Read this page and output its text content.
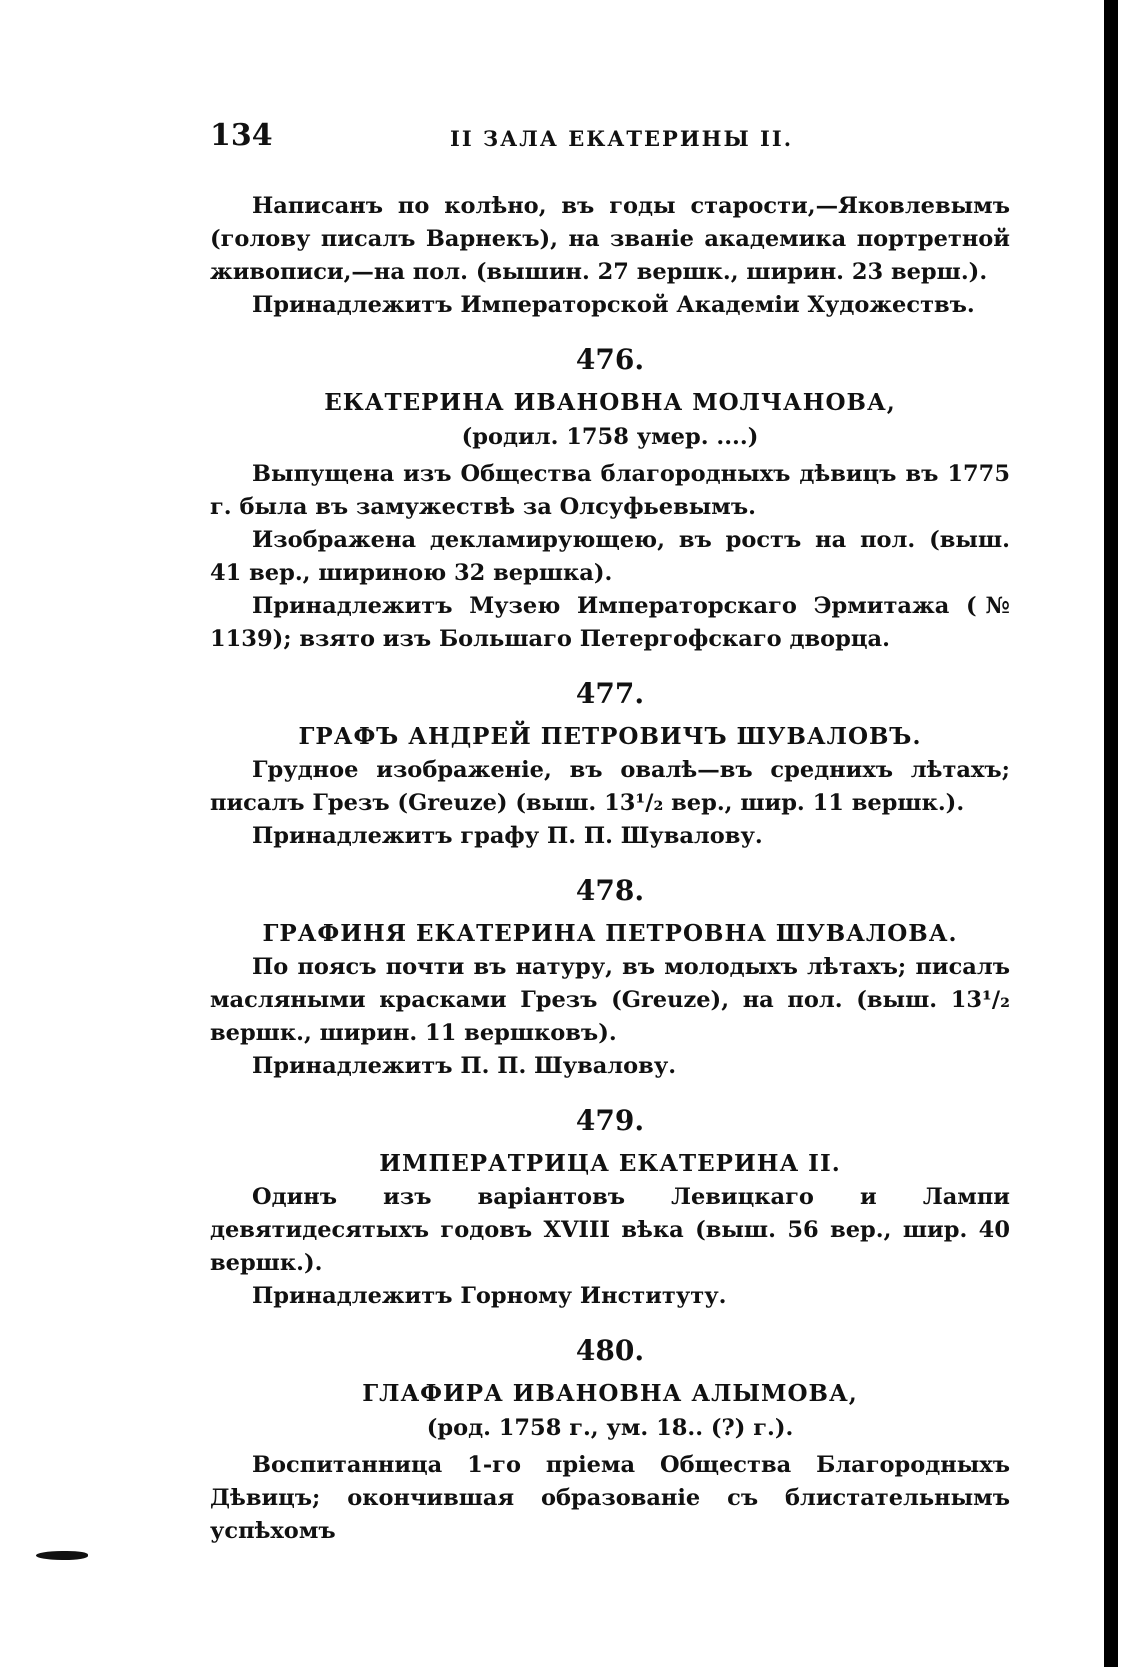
134	II ЗАЛА ЕКАТЕРИНЫ II.

Написанъ по колѣно, въ годы старости,—Яковлевымъ (голову писалъ Варнекъ), на званіе академика портретной живописи,—на пол. (вышин. 27 вершк., ширин. 23 верш.).

Принадлежитъ Императорской Академіи Художествъ.

476.
ЕКАТЕРИНА ИВАНОВНА МОЛЧАНОВА,
(родил. 1758 умер. ....)

Выпущена изъ Общества благородныхъ дѣвицъ въ 1775 г. была въ замужествѣ за Олсуфьевымъ.

Изображена декламирующею, въ ростъ на пол. (выш. 41 вер., шириною 32 вершка).

Принадлежитъ Музею Императорскаго Эрмитажа (№ 1139); взято изъ Большаго Петергофскаго дворца.

477.
ГРАФЪ АНДРЕЙ ПЕТРОВИЧЪ ШУВАЛОВЪ.

Грудное изображеніе, въ овалѣ—въ среднихъ лѣтахъ; писалъ Грезъ (Greuze) (выш. 13¹/₂ вер., шир. 11 вершк.).

Принадлежитъ графу П. П. Шувалову.

478.
ГРАФИНЯ ЕКАТЕРИНА ПЕТРОВНА ШУВАЛОВА.

По поясъ почти въ натуру, въ молодыхъ лѣтахъ; писалъ масляными красками Грезъ (Greuze), на пол. (выш. 13¹/₂ вершк., ширин. 11 вершковъ).

Принадлежитъ П. П. Шувалову.

479.
ИМПЕРАТРИЦА ЕКАТЕРИНА II.

Одинъ изъ варіантовъ Левицкаго и Лампи девятидесятыхъ годовъ XVIII вѣка (выш. 56 вер., шир. 40 вершк.).

Принадлежитъ Горному Институту.

480.
ГЛАФИРА ИВАНОВНА АЛЫМОВА,
(род. 1758 г., ум. 18.. (?) г.).

Воспитанница 1-го пріема Общества Благородныхъ Дѣвицъ; окончившая образованіе съ блистательнымъ успѣхомъ
